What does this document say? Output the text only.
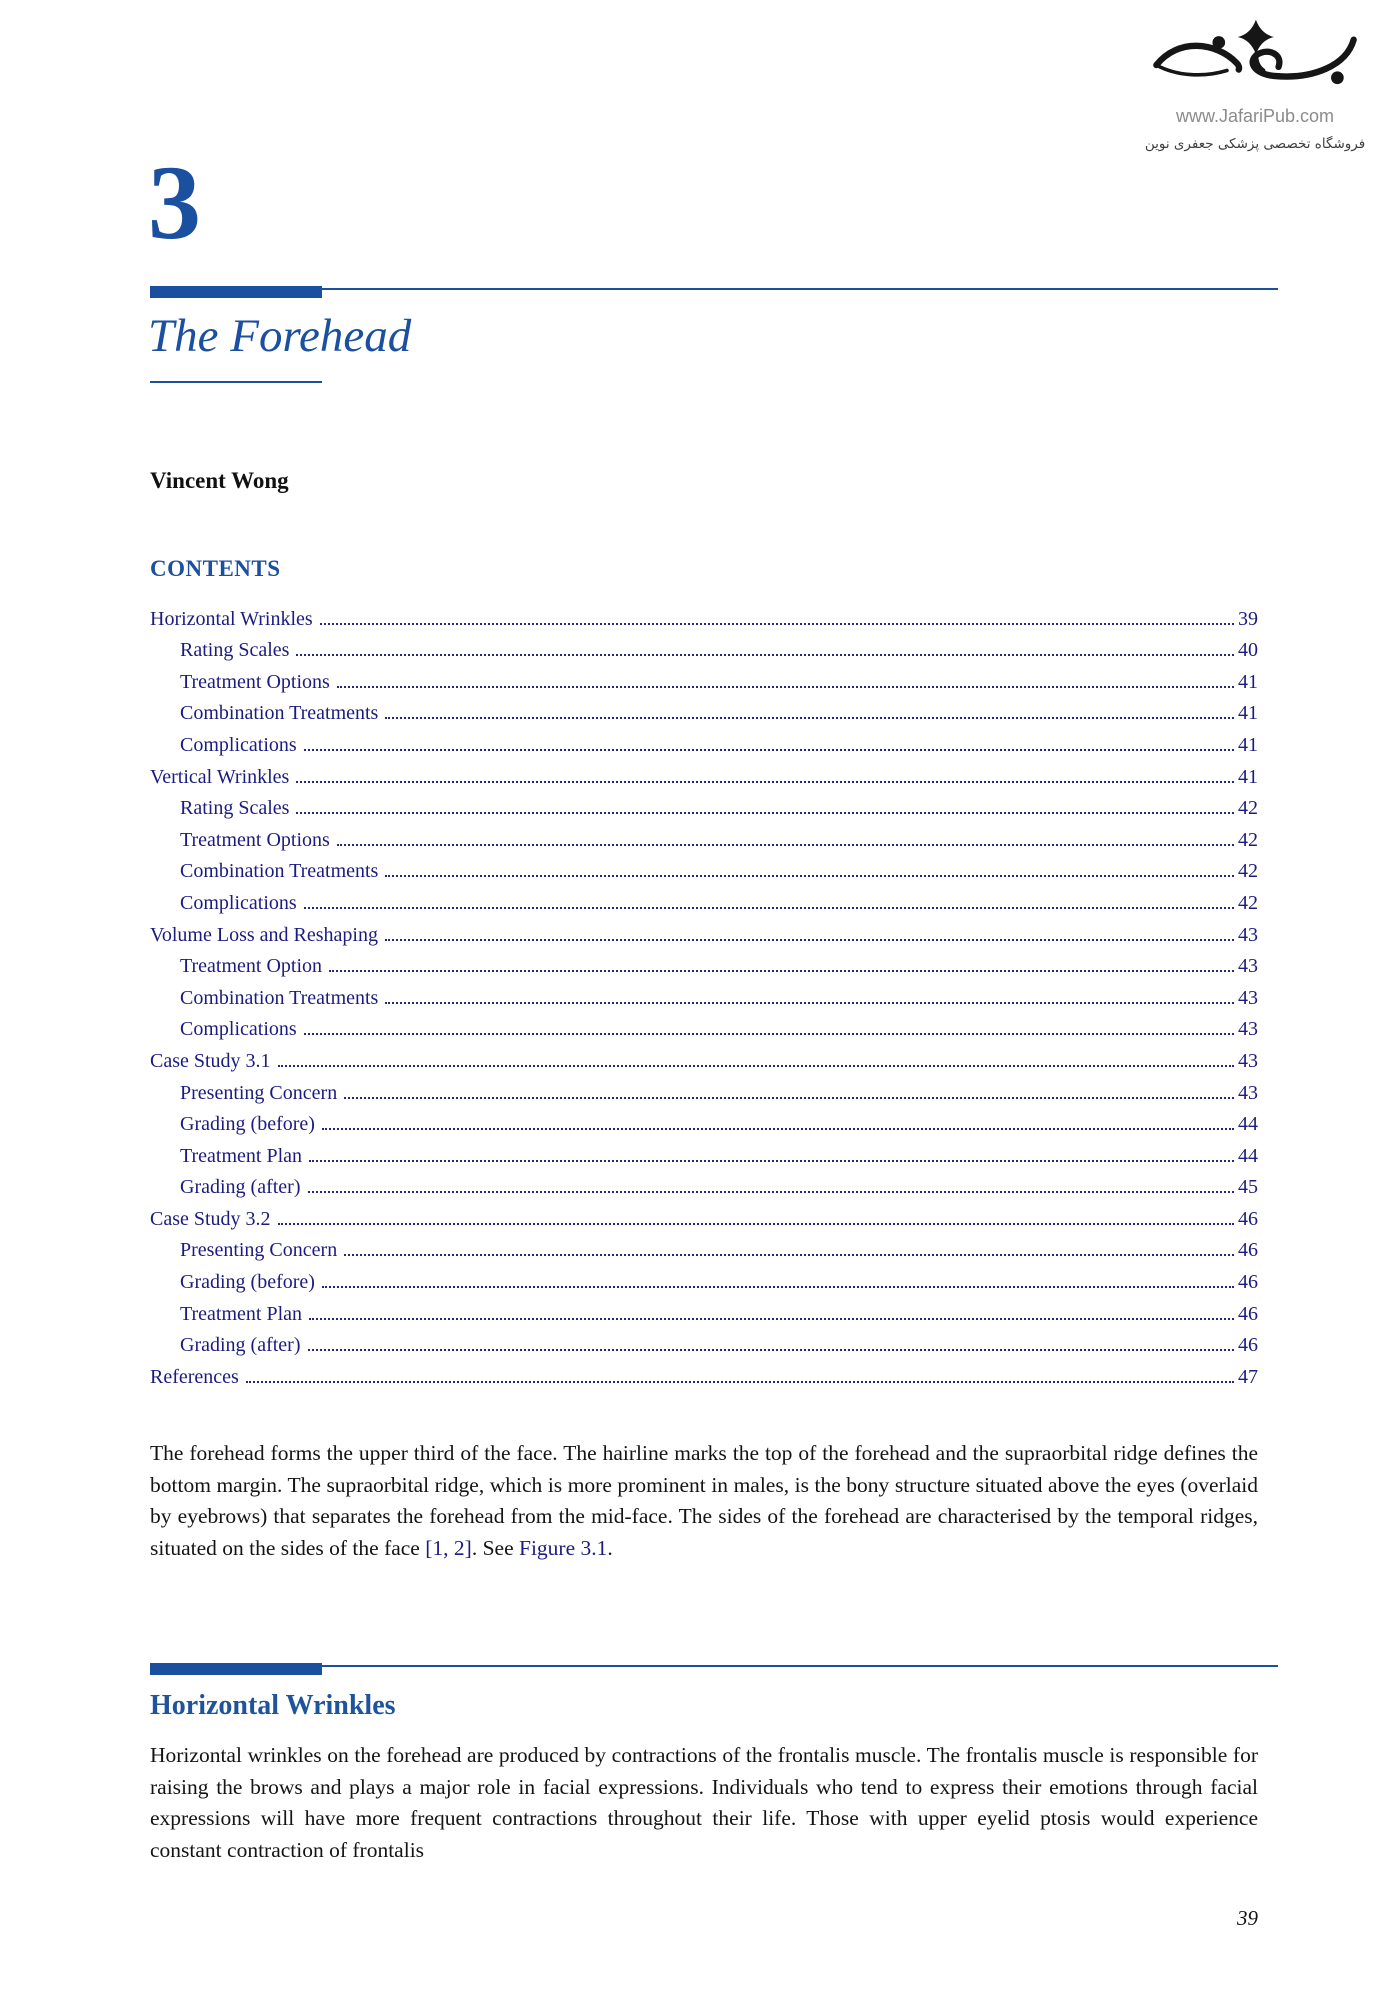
www.JafariPub.com
فروشگاه تخصصی پزشکی جعفری نوین
3
The Forehead
Vincent Wong
CONTENTS
Horizontal Wrinkles	39
Rating Scales	40
Treatment Options	41
Combination Treatments	41
Complications	41
Vertical Wrinkles	41
Rating Scales	42
Treatment Options	42
Combination Treatments	42
Complications	42
Volume Loss and Reshaping	43
Treatment Option	43
Combination Treatments	43
Complications	43
Case Study 3.1	43
Presenting Concern	43
Grading (before)	44
Treatment Plan	44
Grading (after)	45
Case Study 3.2	46
Presenting Concern	46
Grading (before)	46
Treatment Plan	46
Grading (after)	46
References	47

The forehead forms the upper third of the face. The hairline marks the top of the forehead and the supraorbital ridge defines the bottom margin. The supraorbital ridge, which is more prominent in males, is the bony structure situated above the eyes (overlaid by eyebrows) that separates the forehead from the mid-face. The sides of the forehead are characterised by the temporal ridges, situated on the sides of the face [1, 2]. See Figure 3.1.

Horizontal Wrinkles

Horizontal wrinkles on the forehead are produced by contractions of the frontalis muscle. The frontalis muscle is responsible for raising the brows and plays a major role in facial expressions. Individuals who tend to express their emotions through facial expressions will have more frequent contractions throughout their life. Those with upper eyelid ptosis would experience constant contraction of frontalis

39
